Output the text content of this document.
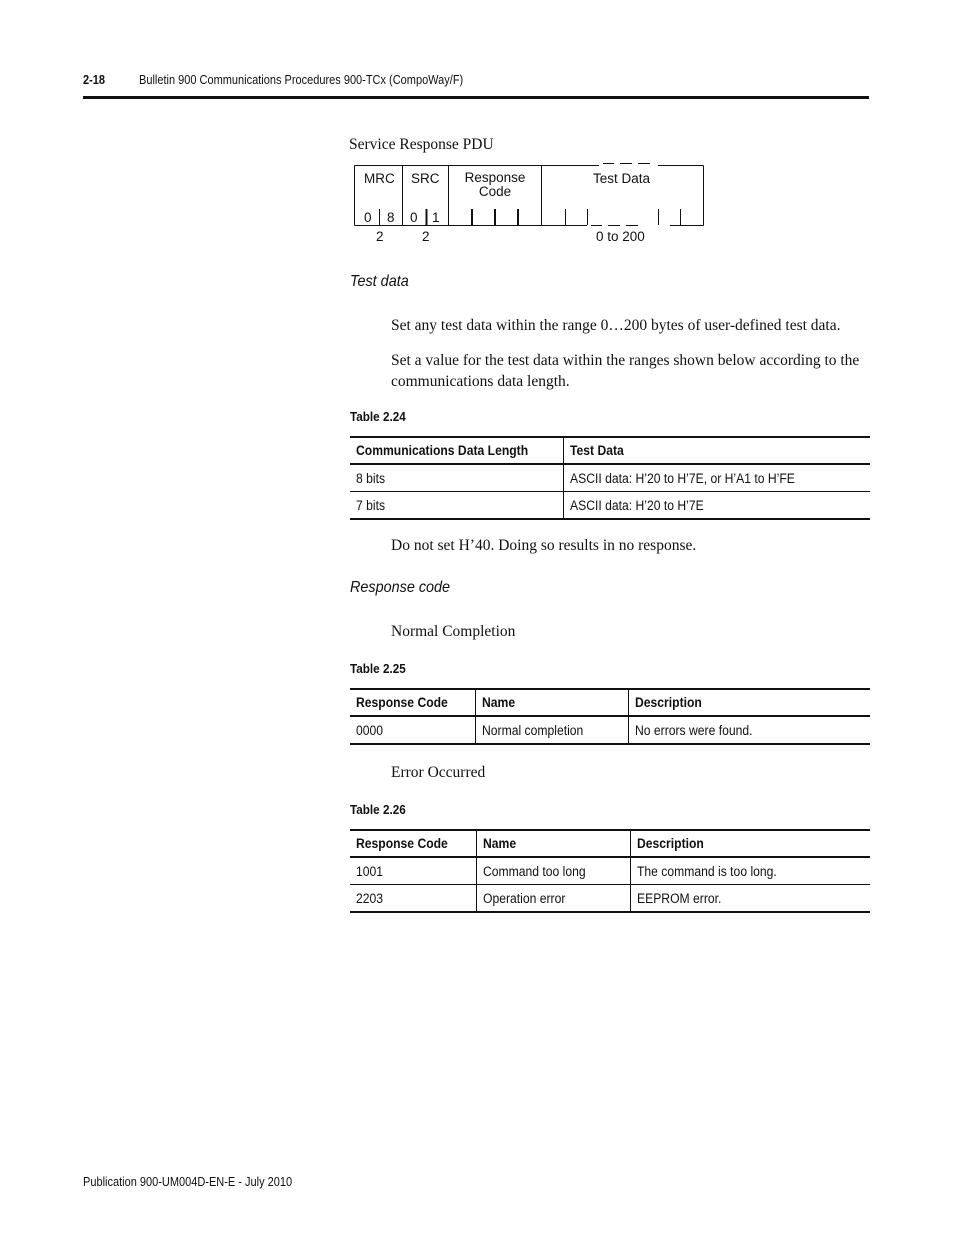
2-18	Bulletin 900 Communications Procedures 900-TCx (CompoWay/F)
Service Response PDU
MRC SRC	Response
Code
Test Data
0 8 0 1
2	2	0 to 200
Test data
Set any test data within the range 0…200 bytes of user-defined test data.
Set a value for the test data within the ranges shown below according to the communications data length.
Table 2.24
Communications Data Length	Test Data
8 bits	ASCII data: H’20 to H’7E, or H’A1 to H’FE
7 bits	ASCII data: H’20 to H’7E
Do not set H’40. Doing so results in no response.
Response code
Normal Completion
Table 2.25
Response Code	Name	Description
0000	Normal completion	No errors were found.
Error Occurred
Table 2.26
Response Code	Name	Description
1001	Command too long	The command is too long.
2203	Operation error	EEPROM error.
Publication 900-UM004D-EN-E - July 2010
